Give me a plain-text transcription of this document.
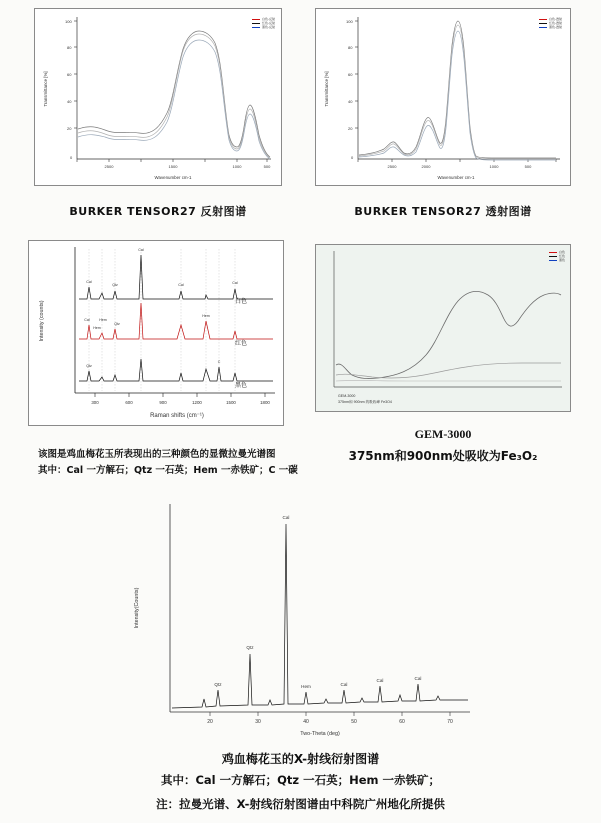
100
80
60
40
20
0
2500	1500	1000	500
Wavenumber cm-1
Transmittance [%]
白色-反射
红色-反射
黑色-反射
BURKER TENSOR27 反射图谱
100
80
60
40
20
0
2500	2000	1000	500
Wavenumber cm-1
Transmittance [%]
白色-透射
红色-透射
黑色-透射
BURKER TENSOR27 透射图谱
300	600	900	1200	1500	1800
Cal
Qtz
Cal
Cal	Cal
Cal	Hem
Qtz
Hem
Hem
Qtz
C
白色
红色
黑色
Raman shifts (cm⁻¹)
Intensity (counts)
该图是鸡血梅花玉所表现出的三种颜色的显微拉曼光谱图
其中：Cal 一方解石；Qtz 一石英；Hem 一赤铁矿；C 一碳
GEM-3000
375nm和 900nm 的吸收峰 Fe3O4
白色
红色
黑色
GEM-3000
375nm和900nm处吸收为Fe₃O₂
20	30	40	50	60	70
Qtz
Qtz
Cal
Hem	Cal
Cal	Cal
Two-Theta (deg)
Intensity(Counts)
鸡血梅花玉的X-射线衍射图谱
其中：Cal 一方解石；Qtz 一石英；Hem 一赤铁矿；
注：拉曼光谱、X-射线衍射图谱由中科院广州地化所提供
